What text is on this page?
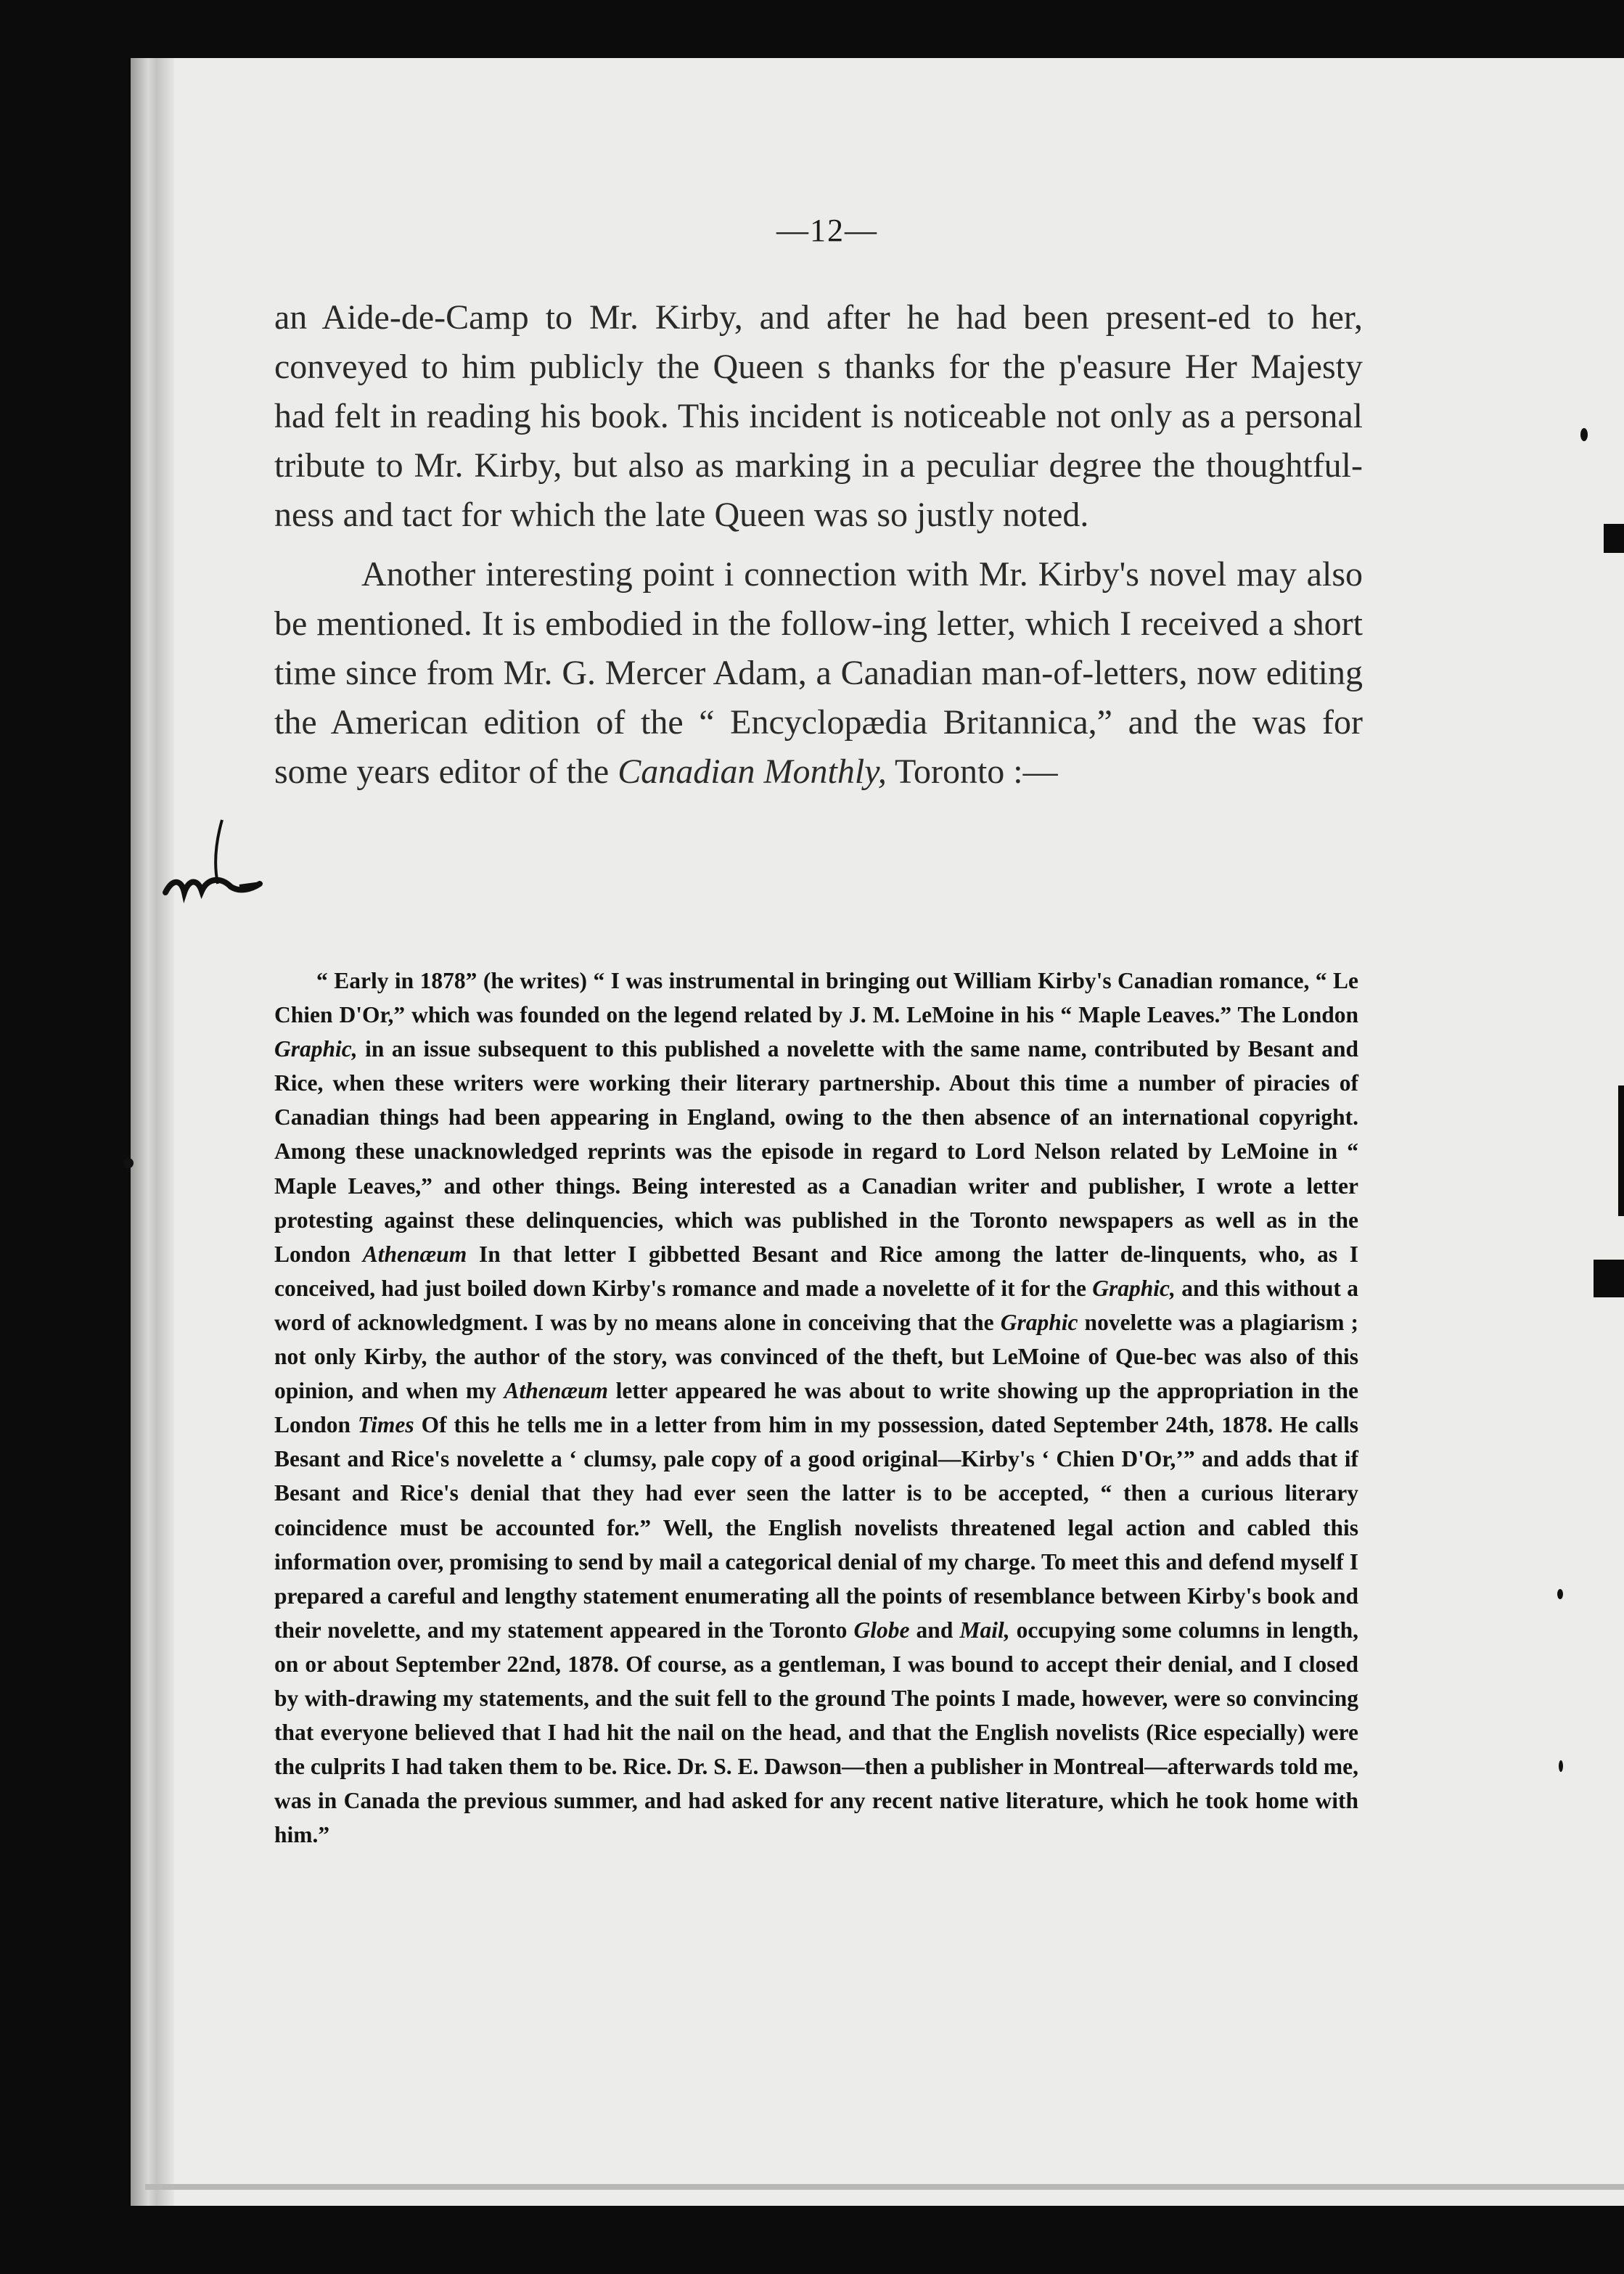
—12—

an Aide-de-Camp to Mr. Kirby, and after he had been present-ed to her, conveyed to him publicly the Queen s thanks for the p'easure Her Majesty had felt in reading his book. This incident is noticeable not only as a personal tribute to Mr. Kirby, but also as marking in a peculiar degree the thoughtful-ness and tact for which the late Queen was so justly noted.

Another interesting point i connection with Mr. Kirby's novel may also be mentioned. It is embodied in the follow-ing letter, which I received a short time since from Mr. G. Mercer Adam, a Canadian man-of-letters, now editing the American edition of the “ Encyclopædia Britannica,” and the was for some years editor of the Canadian Monthly, Toronto :—

“ Early in 1878” (he writes) “ I was instrumental in bringing out William Kirby's Canadian romance, “ Le Chien D'Or,” which was founded on the legend related by J. M. LeMoine in his “ Maple Leaves.” The London Graphic, in an issue subsequent to this published a novelette with the same name, contributed by Besant and Rice, when these writers were working their literary partnership. About this time a number of piracies of Canadian things had been appearing in England, owing to the then absence of an international copyright. Among these unacknowledged reprints was the episode in regard to Lord Nelson related by LeMoine in “ Maple Leaves,” and other things. Being interested as a Canadian writer and publisher, I wrote a letter protesting against these delinquencies, which was published in the Toronto newspapers as well as in the London Athenæum In that letter I gibbetted Besant and Rice among the latter de-linquents, who, as I conceived, had just boiled down Kirby's romance and made a novelette of it for the Graphic, and this without a word of acknowledgment. I was by no means alone in conceiving that the Graphic novelette was a plagiarism ; not only Kirby, the author of the story, was convinced of the theft, but LeMoine of Que-bec was also of this opinion, and when my Athenæum letter appeared he was about to write showing up the appropriation in the London Times Of this he tells me in a letter from him in my possession, dated September 24th, 1878. He calls Besant and Rice's novelette a ‘ clumsy, pale copy of a good original—Kirby's ‘ Chien D'Or,’” and adds that if Besant and Rice's denial that they had ever seen the latter is to be accepted, “ then a curious literary coincidence must be accounted for.” Well, the English novelists threatened legal action and cabled this information over, promising to send by mail a categorical denial of my charge. To meet this and defend myself I prepared a careful and lengthy statement enumerating all the points of resemblance between Kirby's book and their novelette, and my statement appeared in the Toronto Globe and Mail, occupying some columns in length, on or about September 22nd, 1878. Of course, as a gentleman, I was bound to accept their denial, and I closed by with-drawing my statements, and the suit fell to the ground The points I made, however, were so convincing that everyone believed that I had hit the nail on the head, and that the English novelists (Rice especially) were the culprits I had taken them to be. Rice. Dr. S. E. Dawson—then a publisher in Montreal—afterwards told me, was in Canada the previous summer, and had asked for any recent native literature, which he took home with him.”
